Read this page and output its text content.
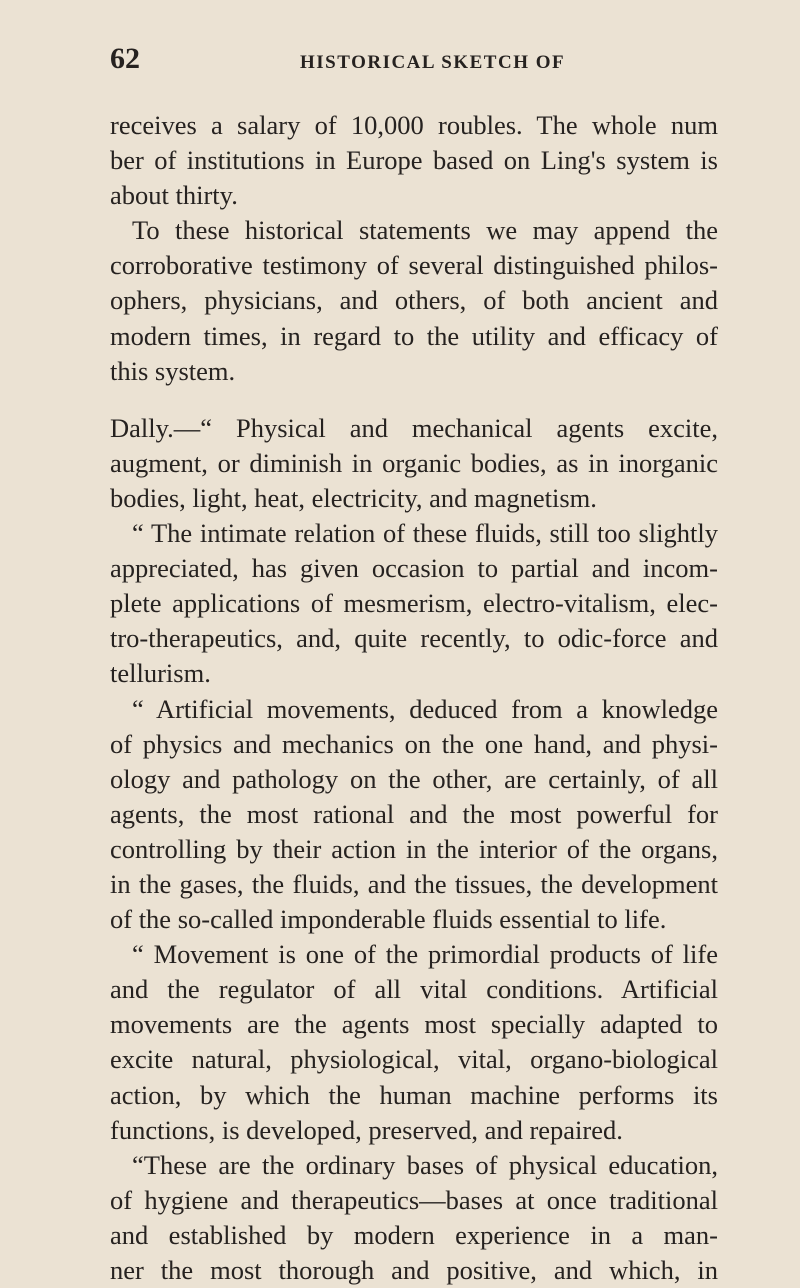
62	HISTORICAL SKETCH OF
receives a salary of 10,000 roubles. The whole num
ber of institutions in Europe based on Ling's system is
about thirty.
To these historical statements we may append the
corroborative testimony of several distinguished philos-
ophers, physicians, and others, of both ancient and
modern times, in regard to the utility and efficacy of
this system.
Dally.—“ Physical and mechanical agents excite,
augment, or diminish in organic bodies, as in inorganic
bodies, light, heat, electricity, and magnetism.
“ The intimate relation of these fluids, still too slightly
appreciated, has given occasion to partial and incom-
plete applications of mesmerism, electro-vitalism, elec-
tro-therapeutics, and, quite recently, to odic-force and
tellurism.
“ Artificial movements, deduced from a knowledge
of physics and mechanics on the one hand, and physi-
ology and pathology on the other, are certainly, of all
agents, the most rational and the most powerful for
controlling by their action in the interior of the organs,
in the gases, the fluids, and the tissues, the development
of the so-called imponderable fluids essential to life.
“ Movement is one of the primordial products of life
and the regulator of all vital conditions. Artificial
movements are the agents most specially adapted to
excite natural, physiological, vital, organo-biological
action, by which the human machine performs its
functions, is developed, preserved, and repaired.
“These are the ordinary bases of physical education,
of hygiene and therapeutics—bases at once traditional
and established by modern experience in a man-
ner the most thorough and positive, and which, in
